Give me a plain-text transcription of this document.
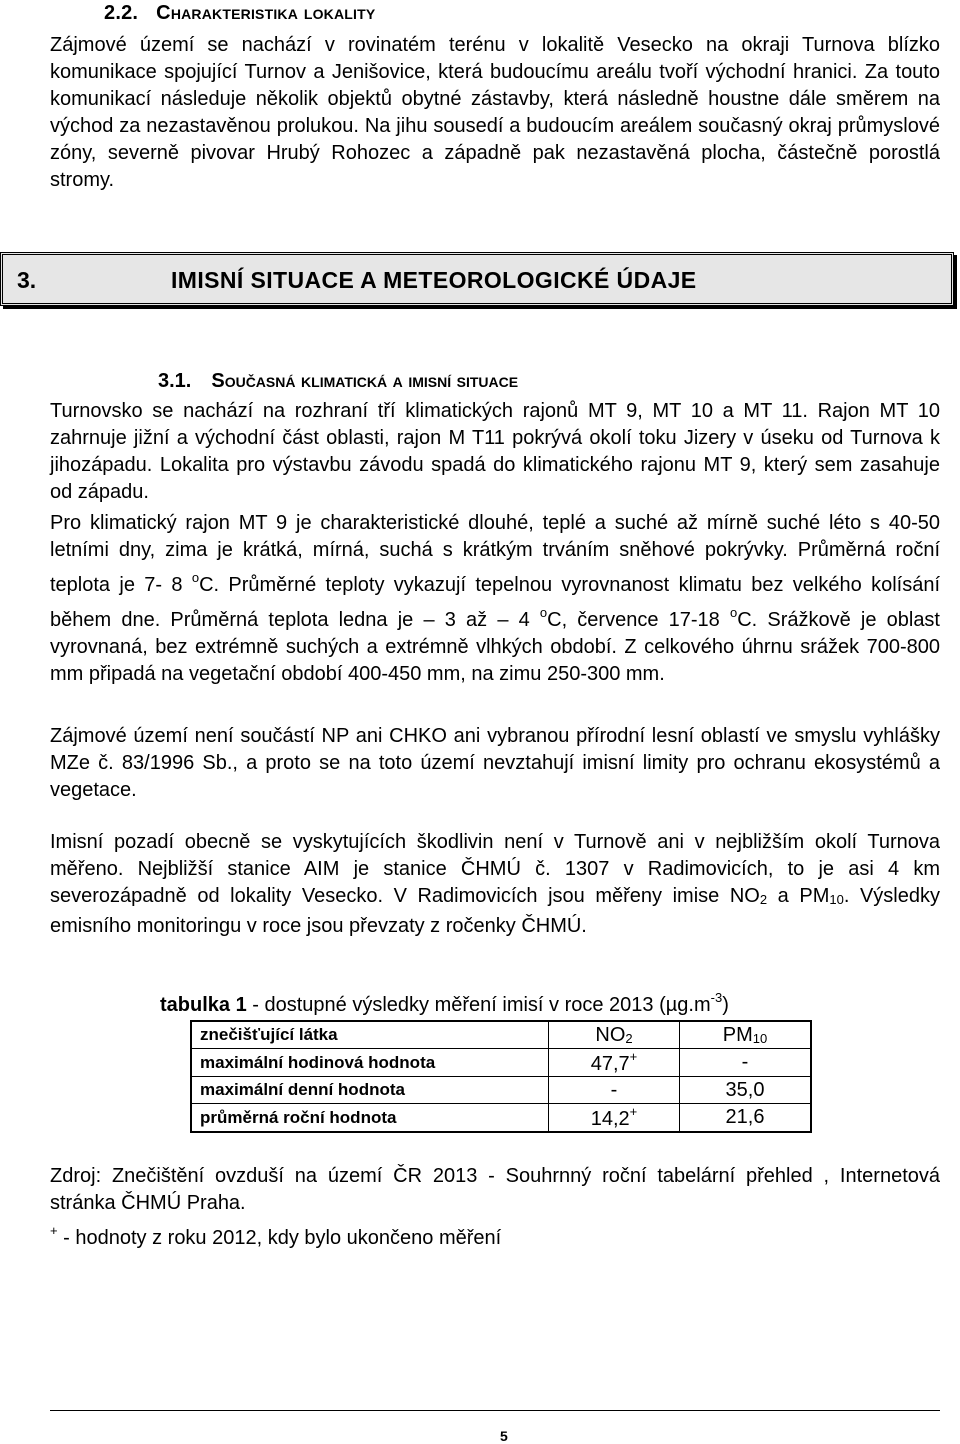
2.2. Charakteristika lokality
Zájmové území se nachází v rovinatém terénu v lokalitě Vesecko na okraji Turnova blízko komunikace spojující Turnov a Jenišovice, která budoucímu areálu tvoří východní hranici. Za touto komunikací následuje několik objektů obytné zástavby, která následně houstne dále směrem na východ za nezastavěnou prolukou. Na jihu sousedí a budoucím areálem současný okraj průmyslové zóny, severně pivovar Hrubý Rohozec a západně pak nezastavěná plocha, částečně porostlá stromy.
3.	IMISNÍ SITUACE A METEOROLOGICKÉ ÚDAJE
3.1. Současná klimatická a imisní situace
Turnovsko se nachází na rozhraní tří klimatických rajonů MT 9, MT 10 a MT 11. Rajon MT 10 zahrnuje jižní a východní část oblasti, rajon M T11 pokrývá okolí toku Jizery v úseku od Turnova k jihozápadu. Lokalita pro výstavbu závodu spadá do klimatického rajonu MT 9, který sem zasahuje od západu.
Pro klimatický rajon MT 9 je charakteristické dlouhé, teplé a suché až mírně suché léto s 40-50 letními dny, zima je krátká, mírná, suchá s krátkým trváním sněhové pokrývky. Průměrná roční teplota je 7- 8 $^o$C. Průměrné teploty vykazují tepelnou vyrovnanost klimatu bez velkého kolísání během dne. Průměrná teplota ledna je – 3 až – 4 $^o$C, července 17-18 $^o$C. Srážkově je oblast vyrovnaná, bez extrémně suchých a extrémně vlhkých období. Z celkového úhrnu srážek 700-800 mm připadá na vegetační období 400-450 mm, na zimu 250-300 mm.
Zájmové území není součástí NP ani CHKO ani vybranou přírodní lesní oblastí ve smyslu vyhlášky MZe č. 83/1996 Sb., a proto se na toto území nevztahují imisní limity pro ochranu ekosystémů a vegetace.
Imisní pozadí obecně se vyskytujících škodlivin není v Turnově ani v nejbližším okolí Turnova měřeno. Nejbližší stanice AIM je stanice ČHMÚ č. 1307 v Radimovicích, to je asi 4 km severozápadně od lokality Vesecko. V Radimovicích jsou měřeny imise $NO_2$ a $PM_{10}$. Výsledky emisního monitoringu v roce jsou převzaty z ročenky ČHMÚ.
tabulka 1 - dostupné výsledky měření imisí v roce 2013 $(\mu g.m^{-3})$
znečišťující látka	$NO_2$	$PM_{10}$
maximální hodinová hodnota	47,7+	-
maximální denní hodnota	-	35,0
průměrná roční hodnota	14,2+	21,6
Zdroj: Znečištění ovzduší na území ČR 2013 - Souhrnný roční tabelární přehled , Internetová stránka ČHMÚ Praha.
+ - hodnoty z roku 2012, kdy bylo ukončeno měření
5
